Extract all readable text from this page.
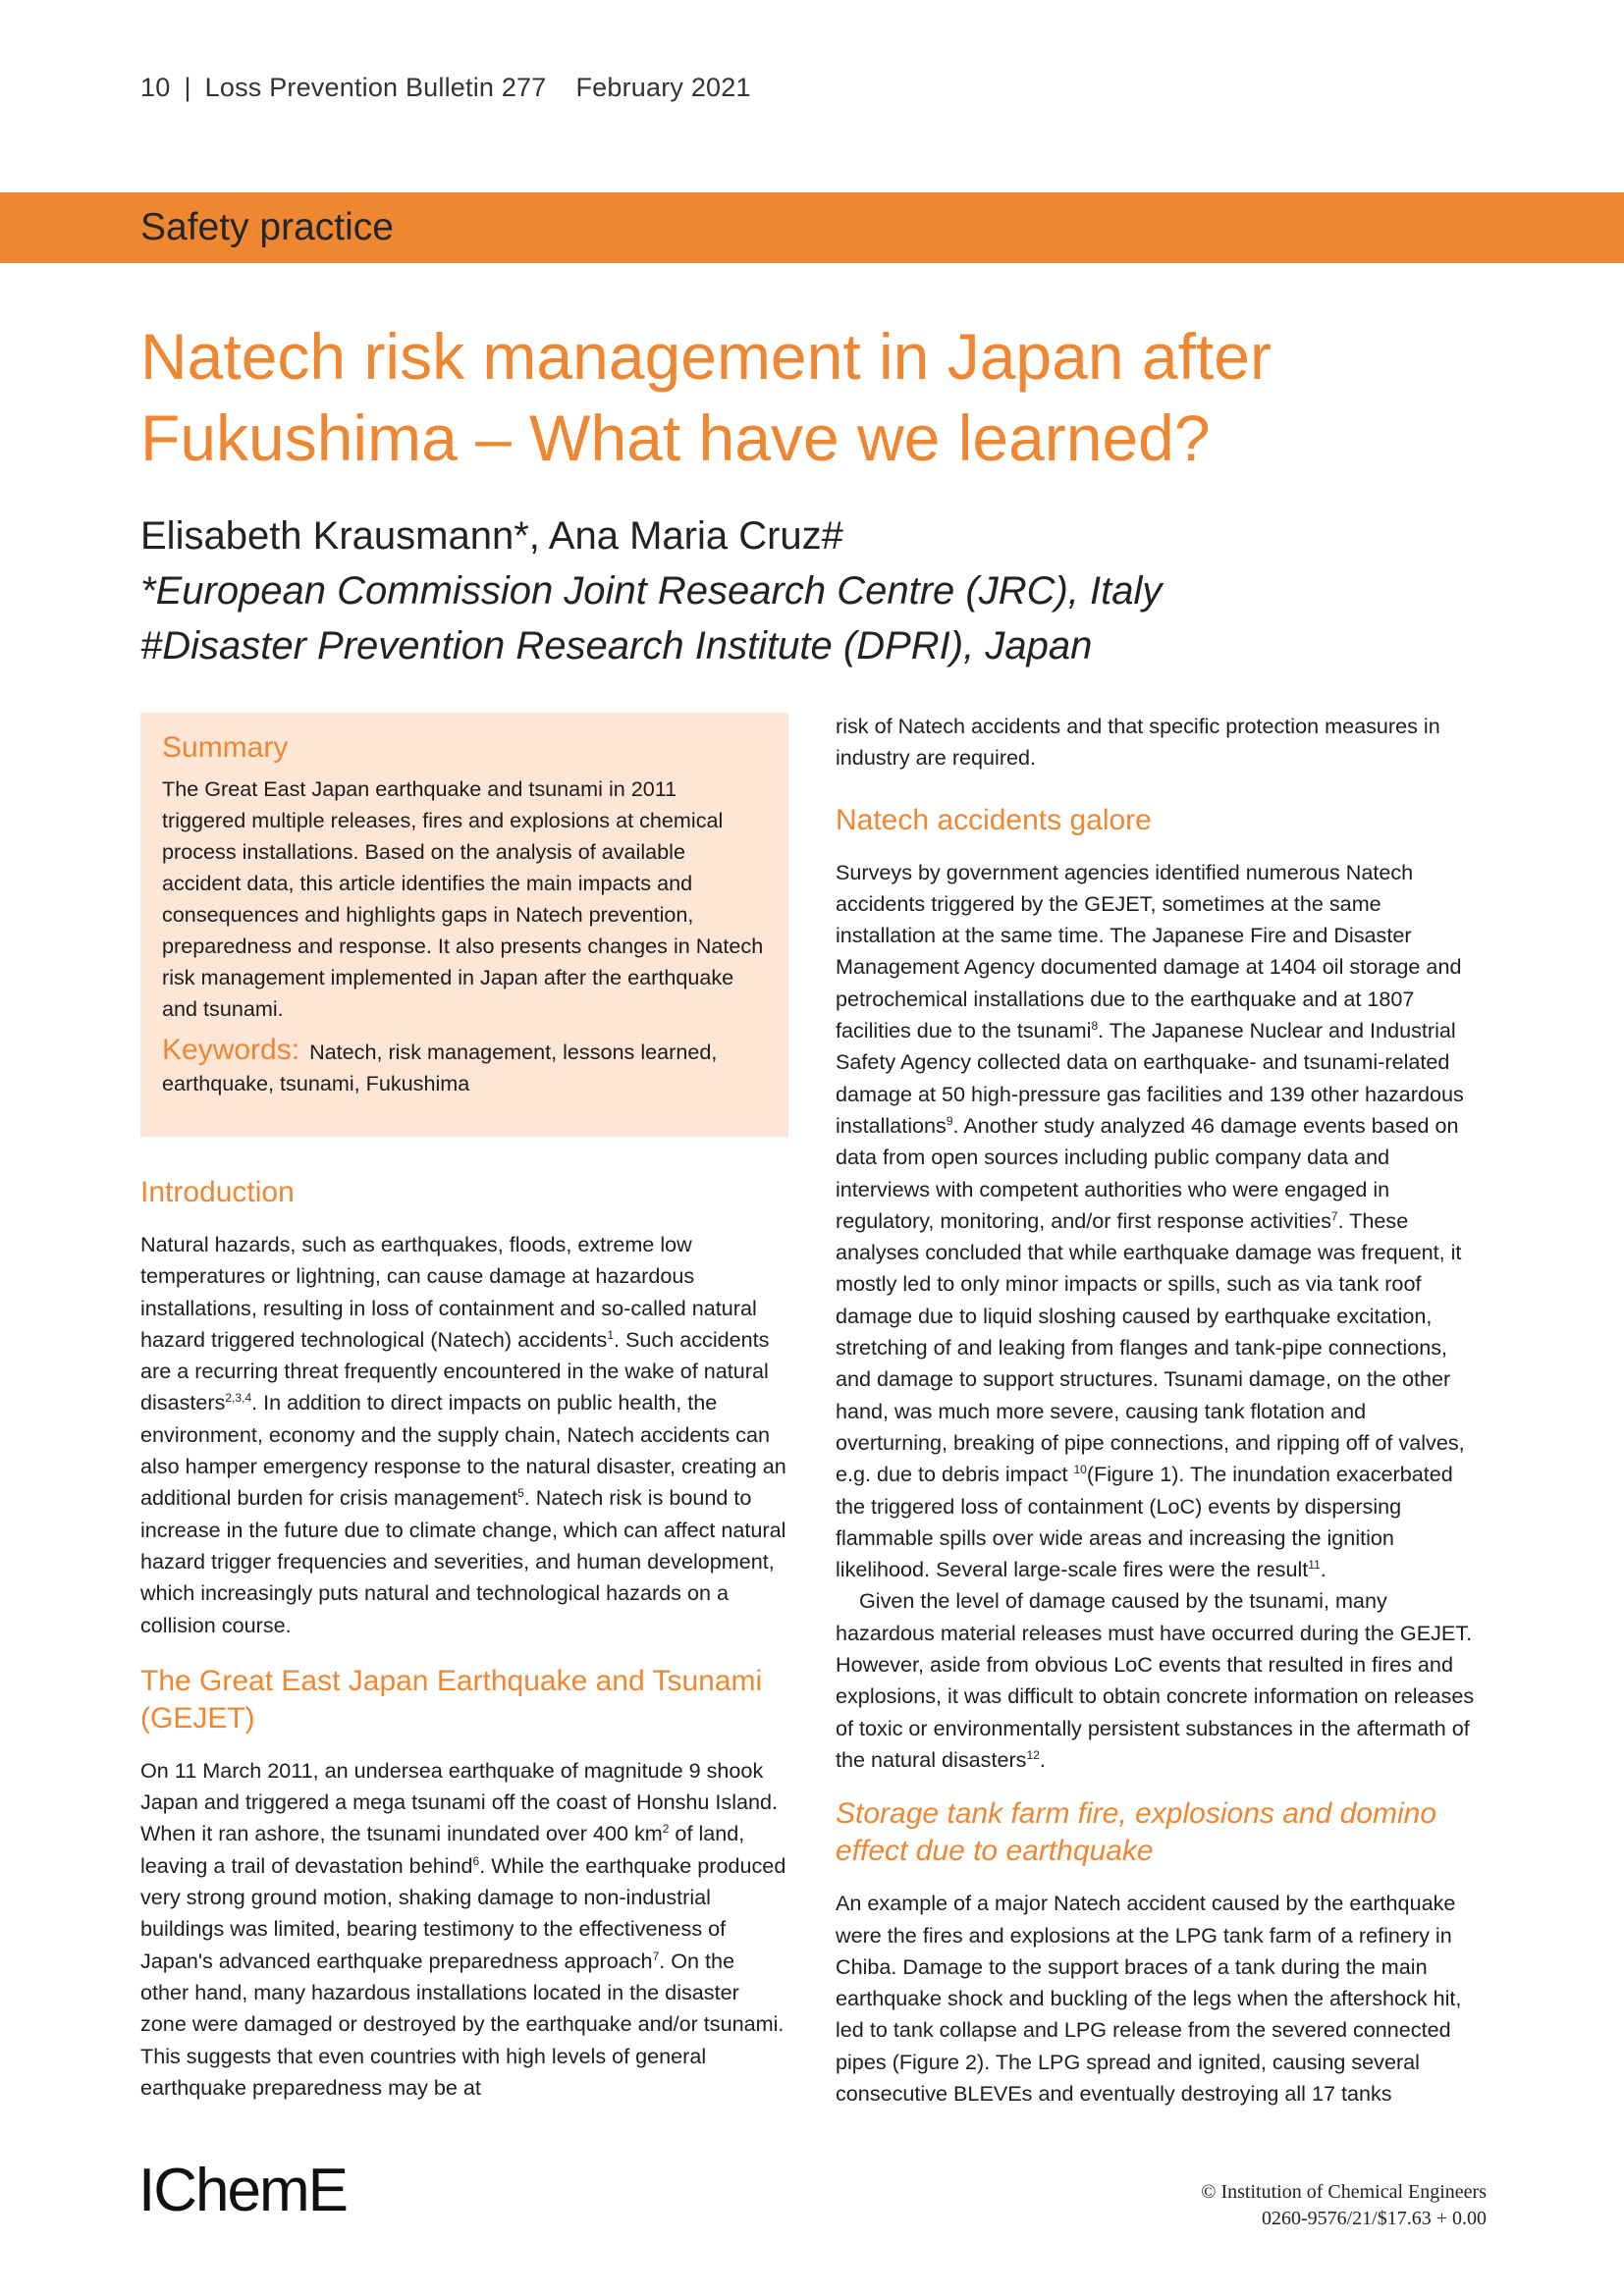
10 | Loss Prevention Bulletin 277 February 2021
Safety practice
Natech risk management in Japan after Fukushima – What have we learned?
Elisabeth Krausmann*, Ana Maria Cruz#
*European Commission Joint Research Centre (JRC), Italy
#Disaster Prevention Research Institute (DPRI), Japan
Summary

The Great East Japan earthquake and tsunami in 2011 triggered multiple releases, fires and explosions at chemical process installations. Based on the analysis of available accident data, this article identifies the main impacts and consequences and highlights gaps in Natech prevention, preparedness and response. It also presents changes in Natech risk management implemented in Japan after the earthquake and tsunami.

Keywords: Natech, risk management, lessons learned, earthquake, tsunami, Fukushima
Introduction

Natural hazards, such as earthquakes, floods, extreme low temperatures or lightning, can cause damage at hazardous installations, resulting in loss of containment and so-called natural hazard triggered technological (Natech) accidents$^1$. Such accidents are a recurring threat frequently encountered in the wake of natural disasters$^{2,3,4}$. In addition to direct impacts on public health, the environment, economy and the supply chain, Natech accidents can also hamper emergency response to the natural disaster, creating an additional burden for crisis management$^5$. Natech risk is bound to increase in the future due to climate change, which can affect natural hazard trigger frequencies and severities, and human development, which increasingly puts natural and technological hazards on a collision course.

The Great East Japan Earthquake and Tsunami (GEJET)

On 11 March 2011, an undersea earthquake of magnitude 9 shook Japan and triggered a mega tsunami off the coast of Honshu Island. When it ran ashore, the tsunami inundated over 400 $km^2$ of land, leaving a trail of devastation behind$^6$. While the earthquake produced very strong ground motion, shaking damage to non-industrial buildings was limited, bearing testimony to the effectiveness of Japan's advanced earthquake preparedness approach$^7$. On the other hand, many hazardous installations located in the disaster zone were damaged or destroyed by the earthquake and/or tsunami. This suggests that even countries with high levels of general earthquake preparedness may be at

risk of Natech accidents and that specific protection measures in industry are required.

Natech accidents galore

Surveys by government agencies identified numerous Natech accidents triggered by the GEJET, sometimes at the same installation at the same time. The Japanese Fire and Disaster Management Agency documented damage at 1404 oil storage and petrochemical installations due to the earthquake and at 1807 facilities due to the tsunami$^8$. The Japanese Nuclear and Industrial Safety Agency collected data on earthquake- and tsunami-related damage at 50 high-pressure gas facilities and 139 other hazardous installations$^9$. Another study analyzed 46 damage events based on data from open sources including public company data and interviews with competent authorities who were engaged in regulatory, monitoring, and/or first response activities$^7$. These analyses concluded that while earthquake damage was frequent, it mostly led to only minor impacts or spills, such as via tank roof damage due to liquid sloshing caused by earthquake excitation, stretching of and leaking from flanges and tank-pipe connections, and damage to support structures. Tsunami damage, on the other hand, was much more severe, causing tank flotation and overturning, breaking of pipe connections, and ripping off of valves, e.g. due to debris impact $^{10}$(Figure 1). The inundation exacerbated the triggered loss of containment (LoC) events by dispersing flammable spills over wide areas and increasing the ignition likelihood. Several large-scale fires were the result$^{11}$.

Given the level of damage caused by the tsunami, many hazardous material releases must have occurred during the GEJET. However, aside from obvious LoC events that resulted in fires and explosions, it was difficult to obtain concrete information on releases of toxic or environmentally persistent substances in the aftermath of the natural disasters$^{12}$.

Storage tank farm fire, explosions and domino effect due to earthquake

An example of a major Natech accident caused by the earthquake were the fires and explosions at the LPG tank farm of a refinery in Chiba. Damage to the support braces of a tank during the main earthquake shock and buckling of the legs when the aftershock hit, led to tank collapse and LPG release from the severed connected pipes (Figure 2). The LPG spread and ignited, causing several consecutive BLEVEs and eventually destroying all 17 tanks

IChemE	© Institution of Chemical Engineers
0260-9576/21/$17.63 + 0.00
